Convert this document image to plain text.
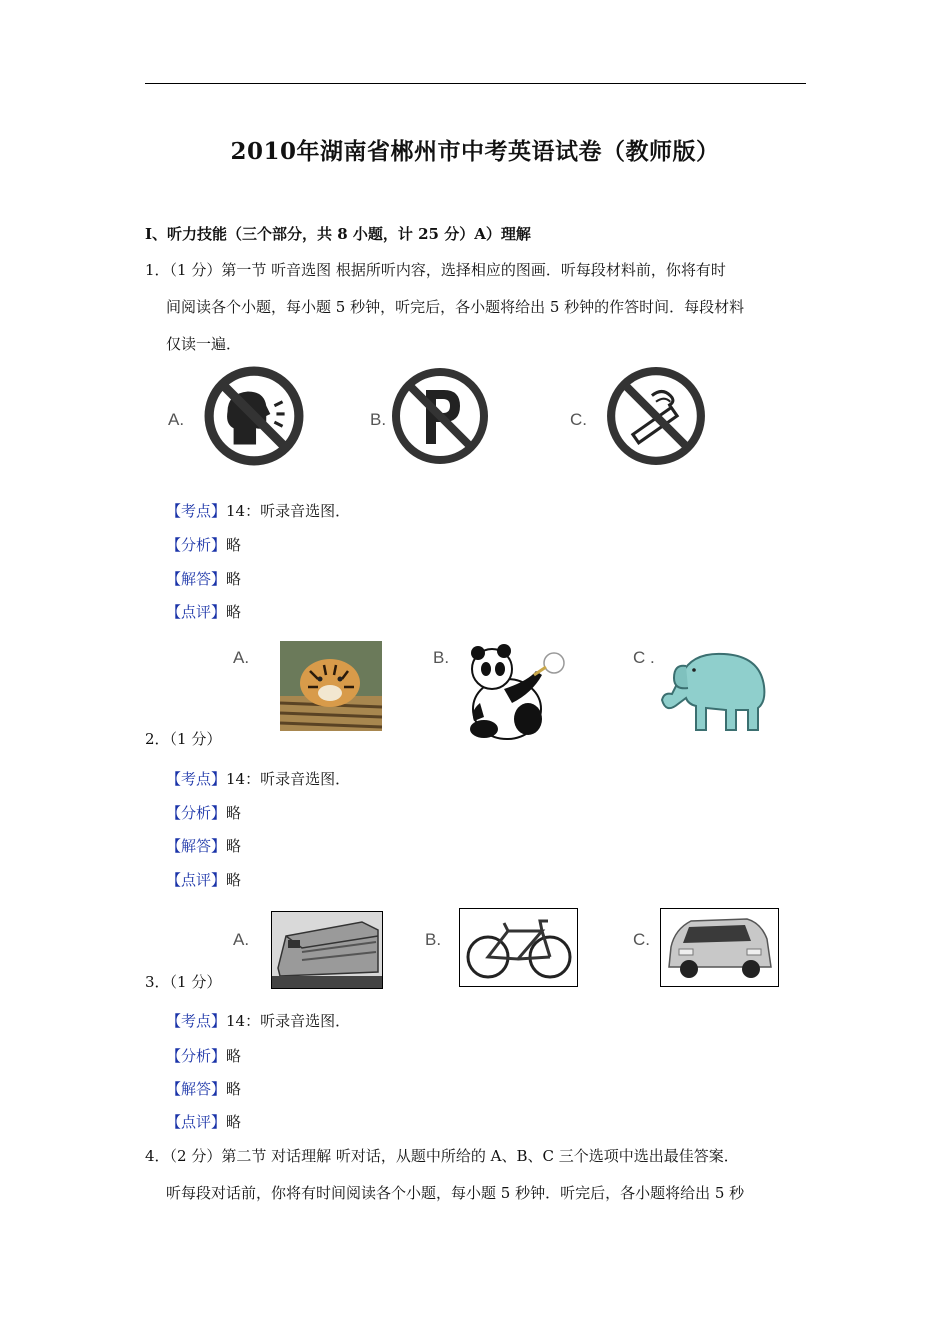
2010年湖南省郴州市中考英语试卷（教师版）
I、听力技能（三个部分，共 8 小题，计 25 分）A）理解
1．（1 分）第一节 听音选图 根据所听内容，选择相应的图画．听每段材料前，你将有时
间阅读各个小题，每小题 5 秒钟，听完后，各小题将给出 5 秒钟的作答时间．每段材料
仅读一遍．
A.	B.	C.
【考点】14：听录音选图．
【分析】略
【解答】略
【点评】略
A.	B.	C .
2．（1 分）
【考点】14：听录音选图．
【分析】略
【解答】略
【点评】略
A.	B.	C.
3．（1 分）
【考点】14：听录音选图．
【分析】略
【解答】略
【点评】略
4．（2 分）第二节 对话理解 听对话，从题中所给的 A、B、C 三个选项中选出最佳答案．
听每段对话前，你将有时间阅读各个小题，每小题 5 秒钟．听完后，各小题将给出 5 秒
